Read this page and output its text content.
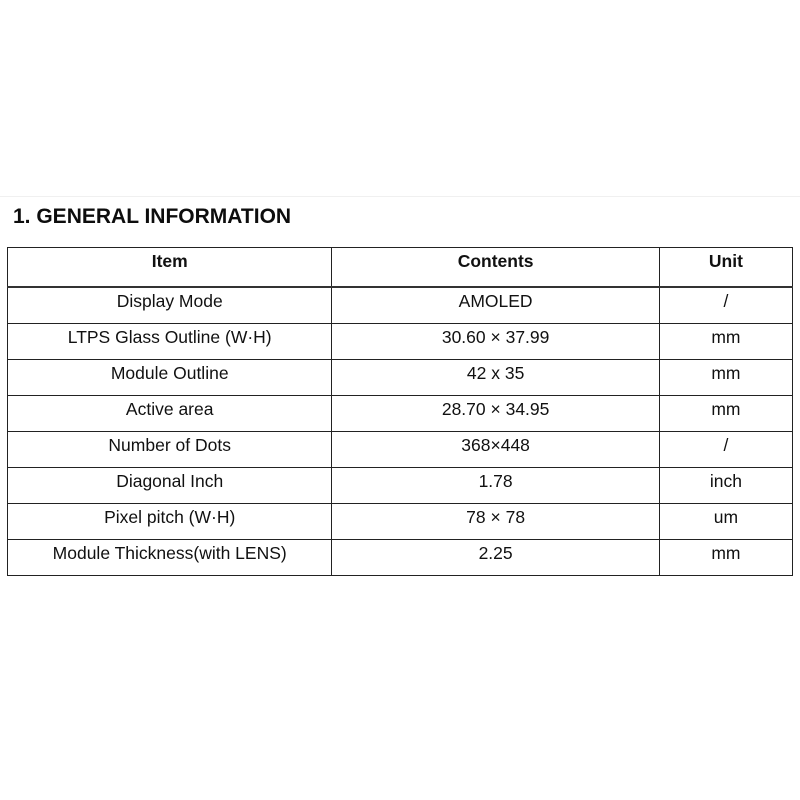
1. GENERAL INFORMATION
Item	Contents	Unit
Display Mode	AMOLED	/
LTPS Glass Outline (W·H)	30.60 × 37.99	mm
Module Outline	42 x 35	mm
Active area	28.70 × 34.95	mm
Number of Dots	368×448	/
Diagonal Inch	1.78	inch
Pixel pitch (W·H)	78 × 78	um
Module Thickness(with LENS)	2.25	mm
